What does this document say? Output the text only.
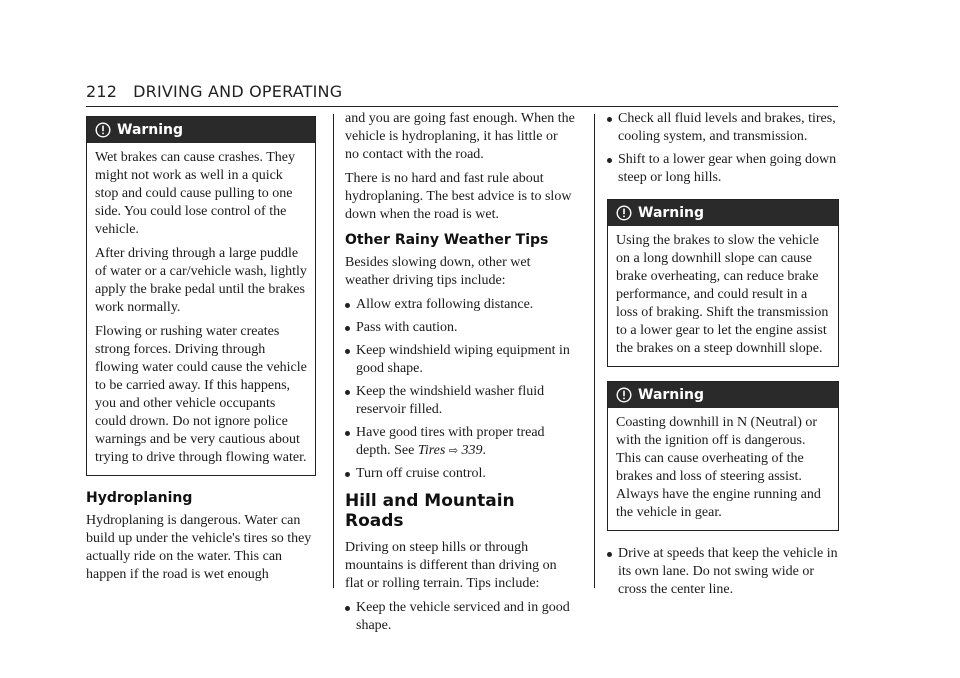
212 DRIVING AND OPERATING
Warning

Wet brakes can cause crashes. They might not work as well in a quick stop and could cause pulling to one side. You could lose control of the vehicle.

After driving through a large puddle of water or a car/vehicle wash, lightly apply the brake pedal until the brakes work normally.

Flowing or rushing water creates strong forces. Driving through flowing water could cause the vehicle to be carried away. If this happens, you and other vehicle occupants could drown. Do not ignore police warnings and be very cautious about trying to drive through flowing water.

Hydroplaning

Hydroplaning is dangerous. Water can build up under the vehicle's tires so they actually ride on the water. This can happen if the road is wet enough

and you are going fast enough. When the vehicle is hydroplaning, it has little or no contact with the road.

There is no hard and fast rule about hydroplaning. The best advice is to slow down when the road is wet.

Other Rainy Weather Tips

Besides slowing down, other wet weather driving tips include:

Allow extra following distance.
Pass with caution.
Keep windshield wiping equipment in good shape.
Keep the windshield washer fluid reservoir filled.
Have good tires with proper tread depth. See Tires ⇨ 339.
Turn off cruise control.
Hill and Mountain Roads

Driving on steep hills or through mountains is different than driving on flat or rolling terrain. Tips include:

Keep the vehicle serviced and in good shape.
Check all fluid levels and brakes, tires, cooling system, and transmission.
Shift to a lower gear when going down steep or long hills.
Warning

Using the brakes to slow the vehicle on a long downhill slope can cause brake overheating, can reduce brake performance, and could result in a loss of braking. Shift the transmission to a lower gear to let the engine assist the brakes on a steep downhill slope.

Warning

Coasting downhill in N (Neutral) or with the ignition off is dangerous. This can cause overheating of the brakes and loss of steering assist. Always have the engine running and the vehicle in gear.

Drive at speeds that keep the vehicle in its own lane. Do not swing wide or cross the center line.
